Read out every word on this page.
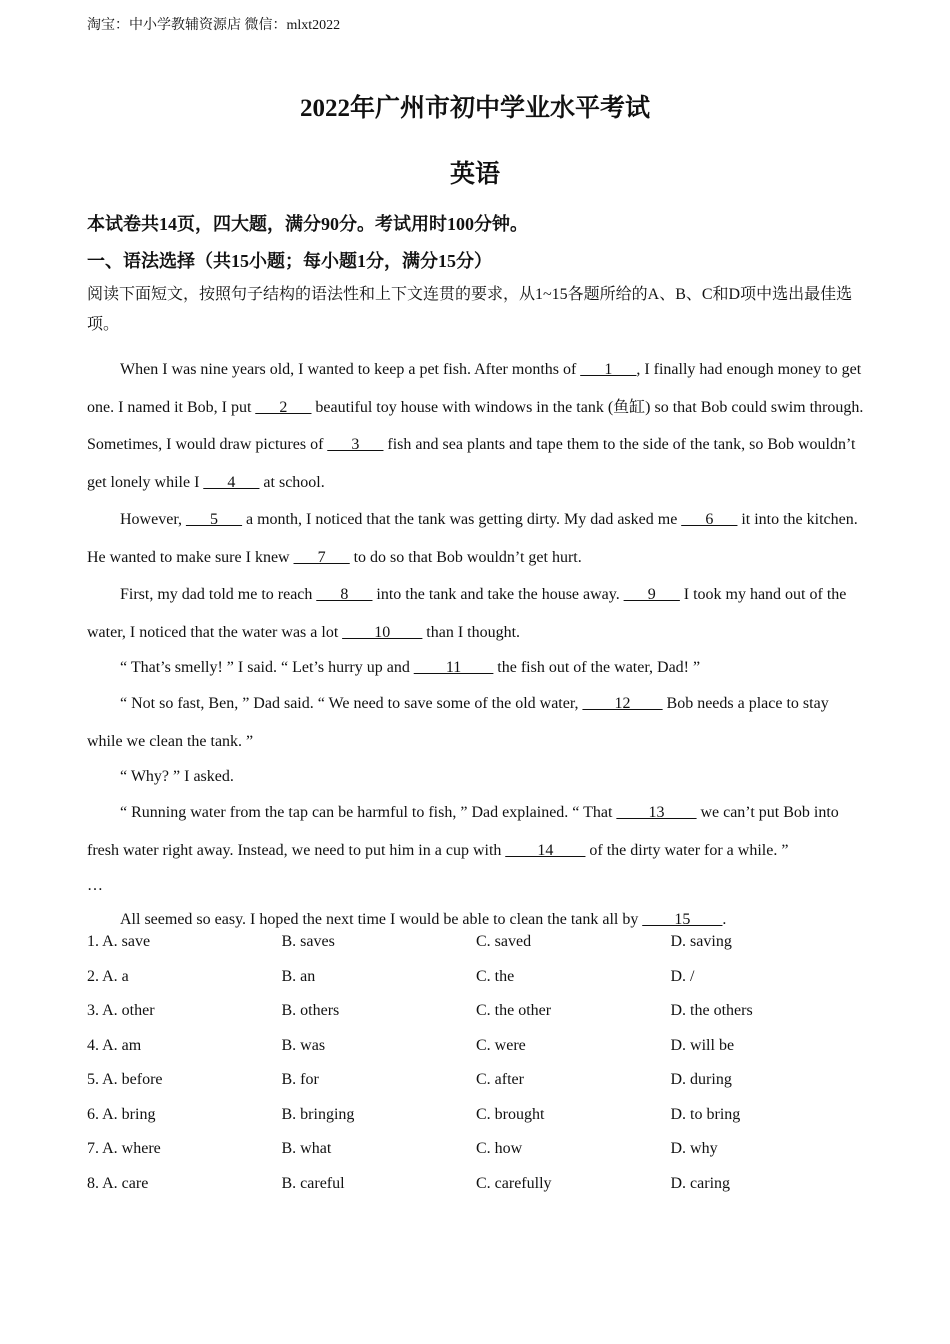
淘宝：中小学教辅资源店 微信：mlxt2022
2022年广州市初中学业水平考试
英语
本试卷共14页，四大题，满分90分。考试用时100分钟。
一、语法选择（共15小题；每小题1分，满分15分）
阅读下面短文，按照句子结构的语法性和上下文连贯的要求，从1~15各题所给的A、B、C和D项中选出最佳选项。

When I was nine years old, I wanted to keep a pet fish. After months of ___1___, I finally had enough money to get one. I named it Bob, I put ___2___ beautiful toy house with windows in the tank (鱼缸) so that Bob could swim through. Sometimes, I would draw pictures of ___3___ fish and sea plants and tape them to the side of the tank, so Bob wouldn’t get lonely while I ___4___ at school.

However, ___5___ a month, I noticed that the tank was getting dirty. My dad asked me ___6___ it into the kitchen. He wanted to make sure I knew ___7___ to do so that Bob wouldn’t get hurt.

First, my dad told me to reach ___8___ into the tank and take the house away. ___9___ I took my hand out of the water, I noticed that the water was a lot ____10____ than I thought.

“ That’s smelly! ” I said. “ Let’s hurry up and ____11____ the fish out of the water, Dad! ”

“ Not so fast, Ben, ” Dad said. “ We need to save some of the old water, ____12____ Bob needs a place to stay while we clean the tank. ”

“ Why? ” I asked.

“ Running water from the tap can be harmful to fish, ” Dad explained. “ That ____13____ we can’t put Bob into fresh water right away. Instead, we need to put him in a cup with ____14____ of the dirty water for a while. ”

…

All seemed so easy. I hoped the next time I would be able to clean the tank all by ____15____.

1. A. save	B. saves	C. saved	D. saving
2. A. a	B. an	C. the	D. /
3. A. other	B. others	C. the other	D. the others
4. A. am	B. was	C. were	D. will be
5. A. before	B. for	C. after	D. during
6. A. bring	B. bringing	C. brought	D. to bring
7. A. where	B. what	C. how	D. why
8. A. care	B. careful	C. carefully	D. caring
